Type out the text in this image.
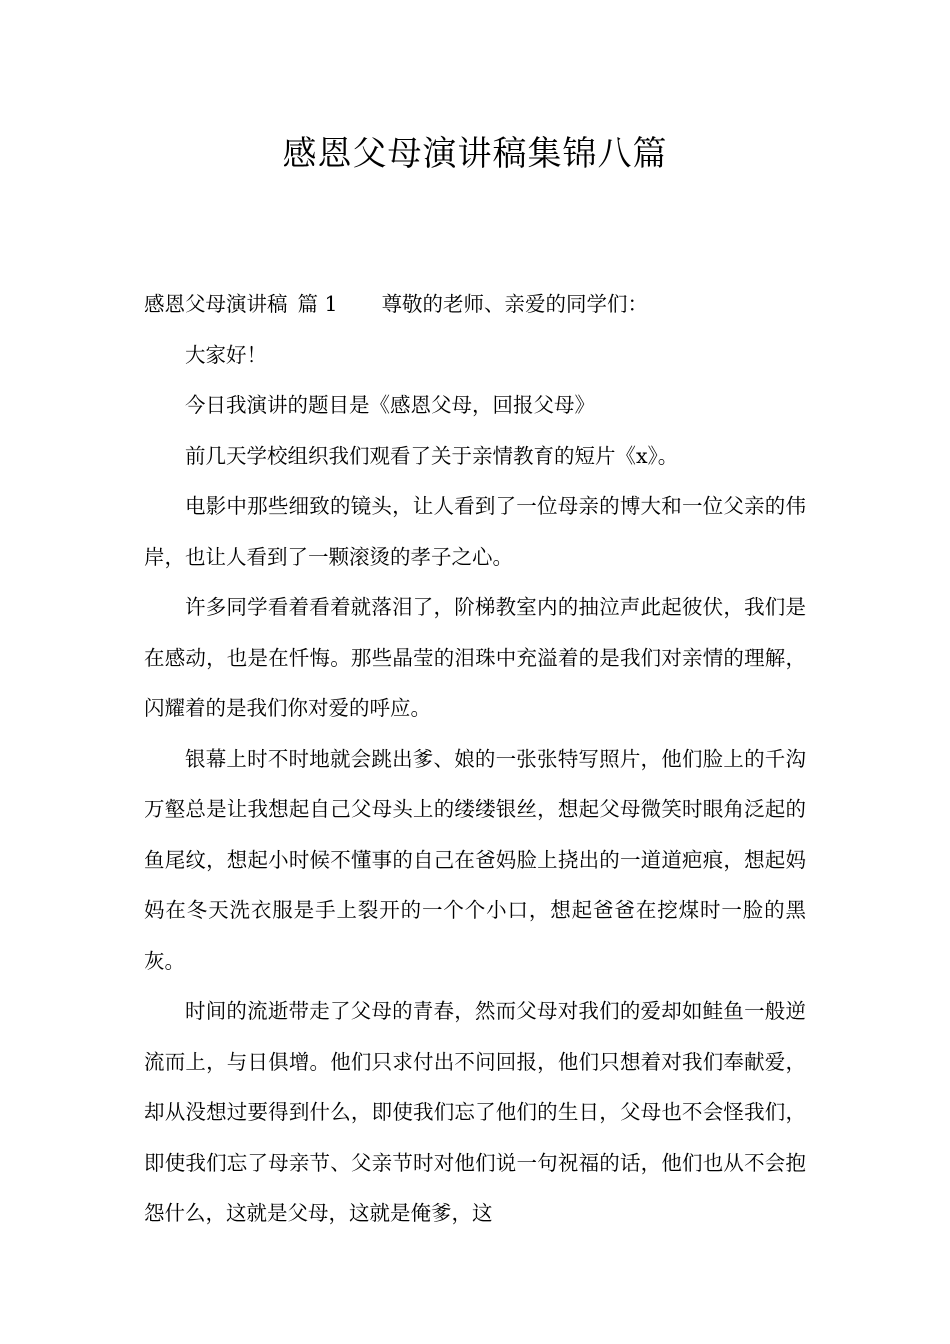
感恩父母演讲稿集锦八篇

感恩父母演讲稿 篇 1 尊敬的老师、亲爱的同学们：

大家好！

今日我演讲的题目是《感恩父母，回报父母》

前几天学校组织我们观看了关于亲情教育的短片《x》。

电影中那些细致的镜头，让人看到了一位母亲的博大和一位父亲的伟岸，也让人看到了一颗滚烫的孝子之心。

许多同学看着看着就落泪了，阶梯教室内的抽泣声此起彼伏，我们是在感动，也是在忏悔。那些晶莹的泪珠中充溢着的是我们对亲情的理解，闪耀着的是我们你对爱的呼应。

银幕上时不时地就会跳出爹、娘的一张张特写照片，他们脸上的千沟万壑总是让我想起自己父母头上的缕缕银丝，想起父母微笑时眼角泛起的鱼尾纹，想起小时候不懂事的自己在爸妈脸上挠出的一道道疤痕，想起妈妈在冬天洗衣服是手上裂开的一个个小口，想起爸爸在挖煤时一脸的黑灰。

时间的流逝带走了父母的青春，然而父母对我们的爱却如鲑鱼一般逆流而上，与日俱增。他们只求付出不问回报，他们只想着对我们奉献爱，却从没想过要得到什么，即使我们忘了他们的生日，父母也不会怪我们，即使我们忘了母亲节、父亲节时对他们说一句祝福的话，他们也从不会抱怨什么，这就是父母，这就是俺爹，这
